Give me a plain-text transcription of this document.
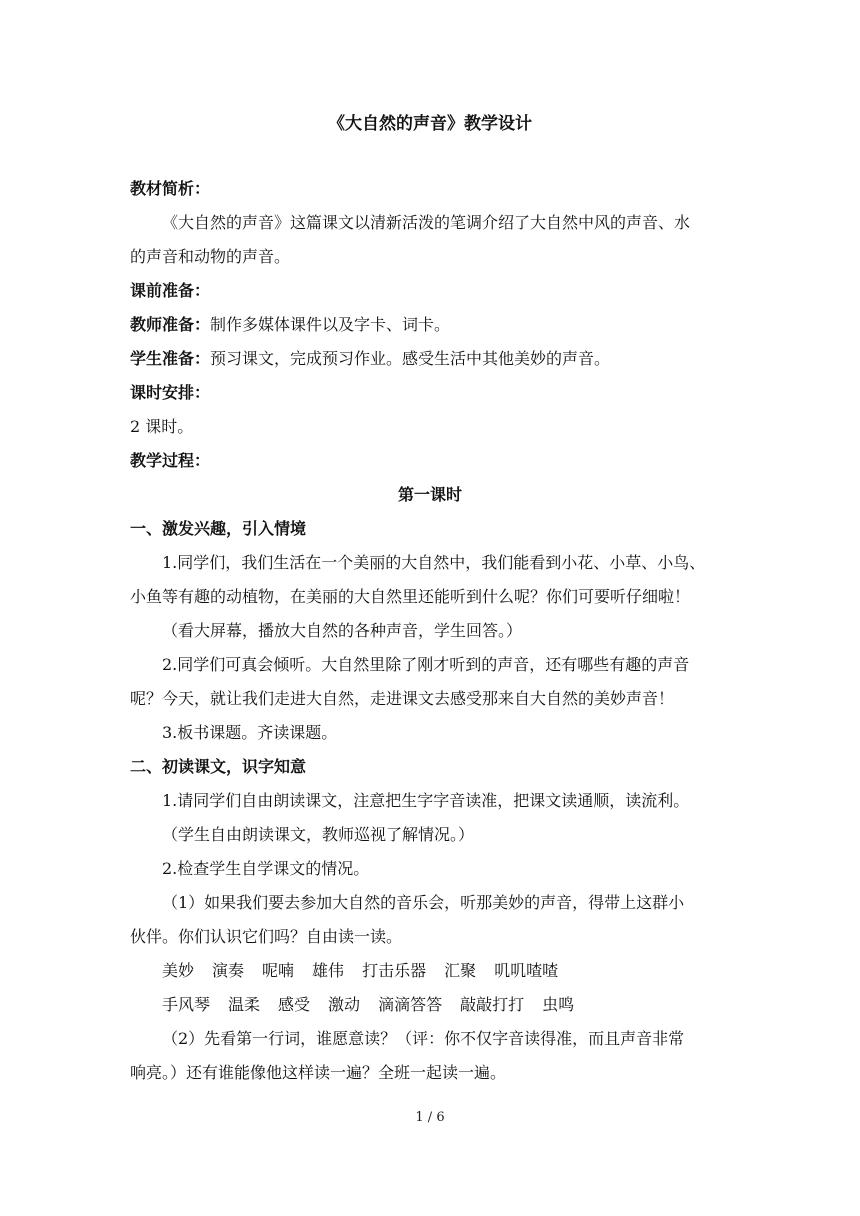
《大自然的声音》教学设计
教材简析：
《大自然的声音》这篇课文以清新活泼的笔调介绍了大自然中风的声音、水
的声音和动物的声音。
课前准备：
教师准备：制作多媒体课件以及字卡、词卡。
学生准备：预习课文，完成预习作业。感受生活中其他美妙的声音。
课时安排：
2 课时。
教学过程：
第一课时
一、激发兴趣，引入情境
1.同学们，我们生活在一个美丽的大自然中，我们能看到小花、小草、小鸟、
小鱼等有趣的动植物，在美丽的大自然里还能听到什么呢？你们可要听仔细啦！
（看大屏幕，播放大自然的各种声音，学生回答。）
2.同学们可真会倾听。大自然里除了刚才听到的声音，还有哪些有趣的声音
呢？今天，就让我们走进大自然，走进课文去感受那来自大自然的美妙声音！
3.板书课题。齐读课题。
二、初读课文，识字知意
1.请同学们自由朗读课文，注意把生字字音读准，把课文读通顺，读流利。
（学生自由朗读课文，教师巡视了解情况。）
2.检查学生自学课文的情况。
（1）如果我们要去参加大自然的音乐会，听那美妙的声音，得带上这群小
伙伴。你们认识它们吗？自由读一读。
美妙 演奏 呢喃 雄伟 打击乐器 汇聚 叽叽喳喳
手风琴 温柔 感受 激动 滴滴答答 敲敲打打 虫鸣
（2）先看第一行词，谁愿意读？（评：你不仅字音读得准，而且声音非常
响亮。）还有谁能像他这样读一遍？全班一起读一遍。
1 / 6
